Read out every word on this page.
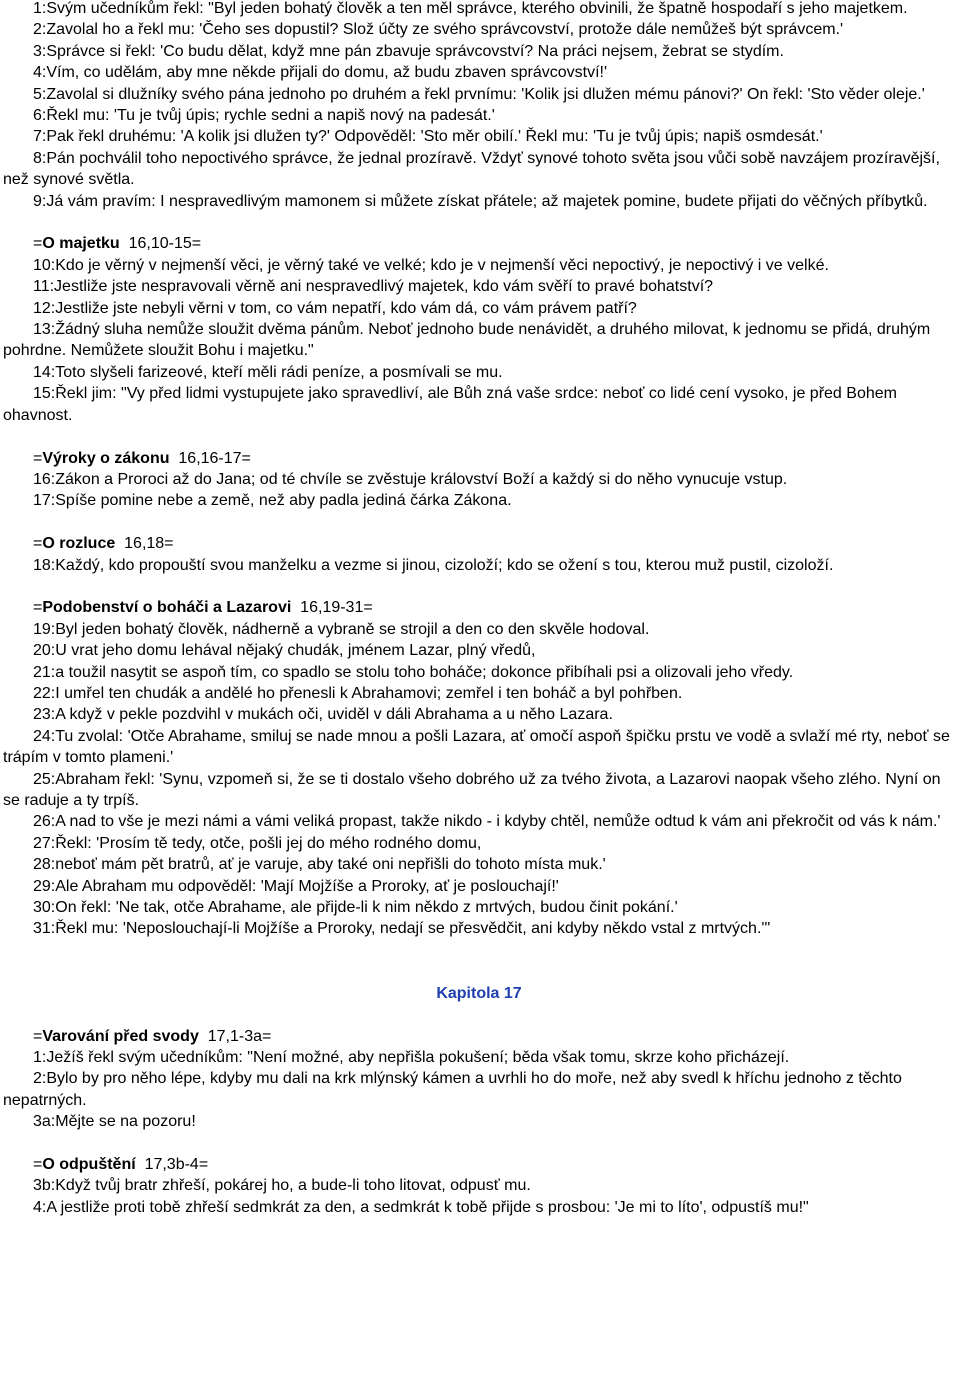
1:Svým učedníkům řekl: "Byl jeden bohatý člověk a ten měl správce, kterého obvinili, že špatně hospodaří s jeho majetkem.

2:Zavolal ho a řekl mu: 'Čeho ses dopustil? Slož účty ze svého správcovství, protože dále nemůžeš být správcem.'

3:Správce si řekl: 'Co budu dělat, když mne pán zbavuje správcovství? Na práci nejsem, žebrat se stydím.

4:Vím, co udělám, aby mne někde přijali do domu, až budu zbaven správcovství!'

5:Zavolal si dlužníky svého pána jednoho po druhém a řekl prvnímu: 'Kolik jsi dlužen mému pánovi?' On řekl: 'Sto věder oleje.'

6:Řekl mu: 'Tu je tvůj úpis; rychle sedni a napiš nový na padesát.'

7:Pak řekl druhému: 'A kolik jsi dlužen ty?' Odpověděl: 'Sto měr obilí.' Řekl mu: 'Tu je tvůj úpis; napiš osmdesát.'

8:Pán pochválil toho nepoctivého správce, že jednal prozíravě. Vždyť synové tohoto světa jsou vůči sobě navzájem prozíravější, než synové světla.

9:Já vám pravím: I nespravedlivým mamonem si můžete získat přátele; až majetek pomine, budete přijati do věčných příbytků.

=O majetku 16,10-15=

10:Kdo je věrný v nejmenší věci, je věrný také ve velké; kdo je v nejmenší věci nepoctivý, je nepoctivý i ve velké.

11:Jestliže jste nespravovali věrně ani nespravedlivý majetek, kdo vám svěří to pravé bohatství?

12:Jestliže jste nebyli věrni v tom, co vám nepatří, kdo vám dá, co vám právem patří?

13:Žádný sluha nemůže sloužit dvěma pánům. Neboť jednoho bude nenávidět, a druhého milovat, k jednomu se přidá, druhým pohrdne. Nemůžete sloužit Bohu i majetku."

14:Toto slyšeli farizeové, kteří měli rádi peníze, a posmívali se mu.

15:Řekl jim: "Vy před lidmi vystupujete jako spravedliví, ale Bůh zná vaše srdce: neboť co lidé cení vysoko, je před Bohem ohavnost.

=Výroky o zákonu 16,16-17=

16:Zákon a Proroci až do Jana; od té chvíle se zvěstuje království Boží a každý si do něho vynucuje vstup.

17:Spíše pomine nebe a země, než aby padla jediná čárka Zákona.

=O rozluce 16,18=

18:Každý, kdo propouští svou manželku a vezme si jinou, cizoloží; kdo se ožení s tou, kterou muž pustil, cizoloží.

=Podobenství o boháči a Lazarovi 16,19-31=

19:Byl jeden bohatý člověk, nádherně a vybraně se strojil a den co den skvěle hodoval.

20:U vrat jeho domu lehával nějaký chudák, jménem Lazar, plný vředů,

21:a toužil nasytit se aspoň tím, co spadlo se stolu toho boháče; dokonce přibíhali psi a olizovali jeho vředy.

22:I umřel ten chudák a andělé ho přenesli k Abrahamovi; zemřel i ten boháč a byl pohřben.

23:A když v pekle pozdvihl v mukách oči, uviděl v dáli Abrahama a u něho Lazara.

24:Tu zvolal: 'Otče Abrahame, smiluj se nade mnou a pošli Lazara, ať omočí aspoň špičku prstu ve vodě a svlaží mé rty, neboť se trápím v tomto plameni.'

25:Abraham řekl: 'Synu, vzpomeň si, že se ti dostalo všeho dobrého už za tvého života, a Lazarovi naopak všeho zlého. Nyní on se raduje a ty trpíš.

26:A nad to vše je mezi námi a vámi veliká propast, takže nikdo - i kdyby chtěl, nemůže odtud k vám ani překročit od vás k nám.'

27:Řekl: 'Prosím tě tedy, otče, pošli jej do mého rodného domu,

28:neboť mám pět bratrů, ať je varuje, aby také oni nepřišli do tohoto místa muk.'

29:Ale Abraham mu odpověděl: 'Mají Mojžíše a Proroky, ať je poslouchají!'

30:On řekl: 'Ne tak, otče Abrahame, ale přijde-li k nim někdo z mrtvých, budou činit pokání.'

31:Řekl mu: 'Neposlouchají-li Mojžíše a Proroky, nedají se přesvědčit, ani kdyby někdo vstal z mrtvých.'"

Kapitola 17

=Varování před svody 17,1-3a=

1:Ježíš řekl svým učedníkům: "Není možné, aby nepřišla pokušení; běda však tomu, skrze koho přicházejí.

2:Bylo by pro něho lépe, kdyby mu dali na krk mlýnský kámen a uvrhli ho do moře, než aby svedl k hříchu jednoho z těchto nepatrných.

3a:Mějte se na pozoru!

=O odpuštění 17,3b-4=

3b:Když tvůj bratr zhřeší, pokárej ho, a bude-li toho litovat, odpusť mu.

4:A jestliže proti tobě zhřeší sedmkrát za den, a sedmkrát k tobě přijde s prosbou: 'Je mi to líto', odpustíš mu!"
